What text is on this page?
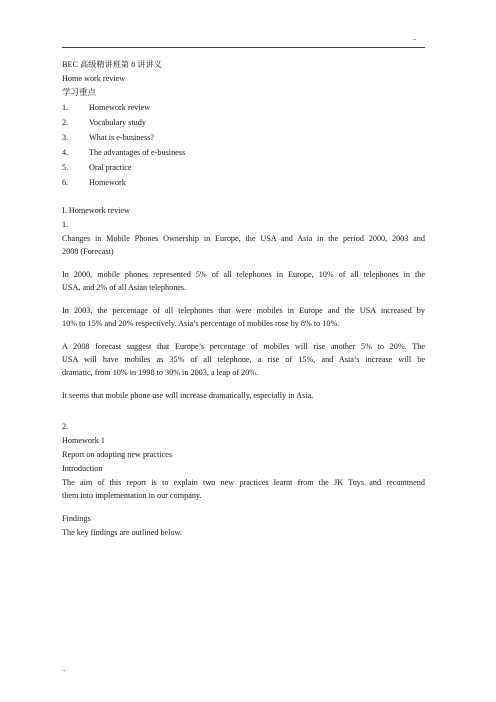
..
BEC 高级精讲班第 8 讲讲义
Home work review
学习重点
1.	Homework review
2.	Vocabulary study
3.	What is e-business?
4.	The advantages of e-business
5.	Oral practice
6.	Homework
I. Homework review
1.
Changes in Mobile Phones Ownership in Europe, the USA and Asia in the period 2000, 2003 and
2008 (Forecast)
In 2000, mobile phones represented 5% of all telephones in Europe, 10% of all telephones in the
USA, and 2% of all Asian telephones.
In 2003, the percentage of all telephones that were mobiles in Europe and the USA increased by
10% to 15% and 20% respectively. Asia’s percentage of mobiles rose by 8% to 10%.
A 2008 forecast suggest that Europe’s percentage of mobiles will rise another 5% to 20%. The
USA will have mobiles as 35% of all telephone, a rise of 15%, and Asia’s increase will be
dramatic, from 10% in 1998 to 30% in 2003, a leap of 20%.
It seems that mobile phone use will increase dramatically, especially in Asia.
2.
Homework 1
Report on adopting new practices
Introduction
The aim of this report is to explain two new practices learnt from the JK Toys and recommend
them into implementation in our company.
Findings
The key findings are outlined below.
..
